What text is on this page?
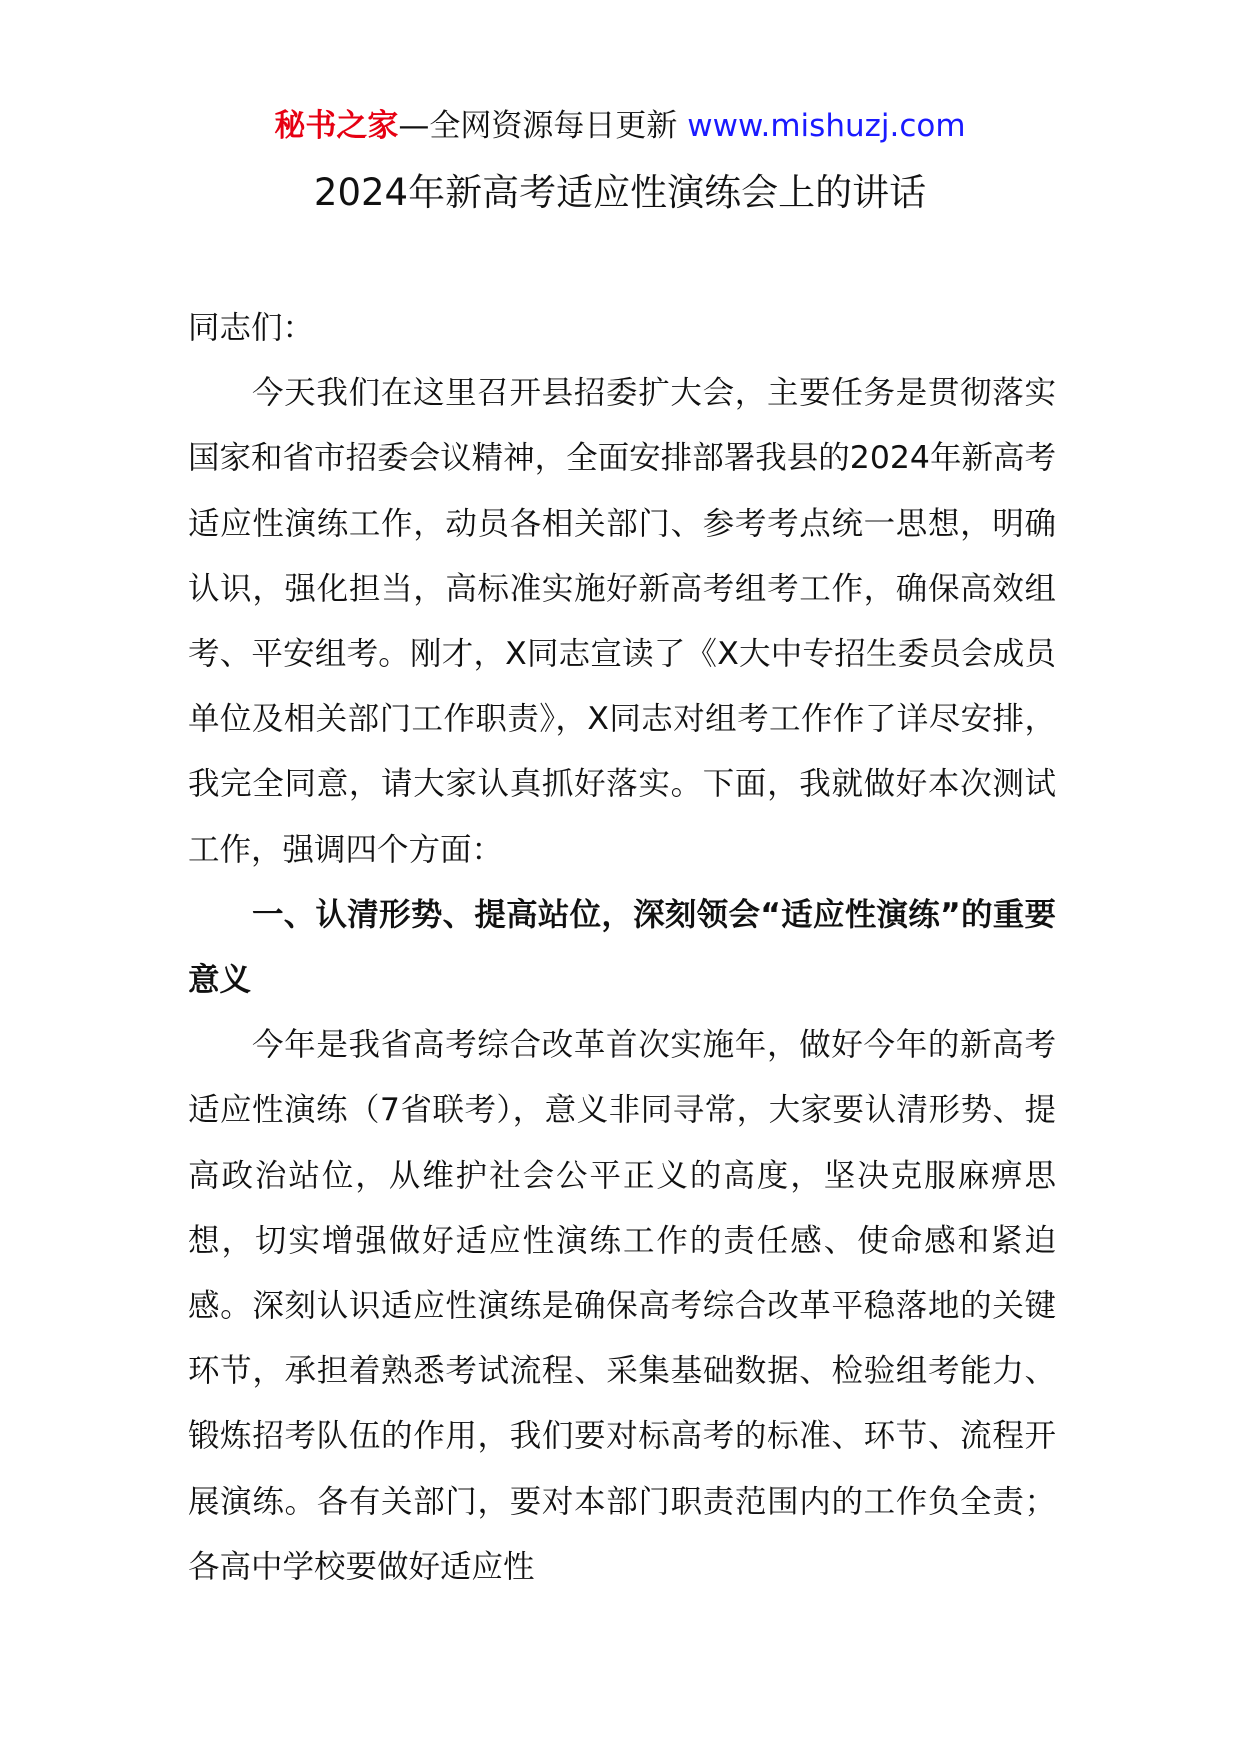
秘书之家—全网资源每日更新 www.mishuzj.com
2024年新高考适应性演练会上的讲话

同志们：

今天我们在这里召开县招委扩大会，主要任务是贯彻落实国家和省市招委会议精神，全面安排部署我县的2024年新高考适应性演练工作，动员各相关部门、参考考点统一思想，明确认识，强化担当，高标准实施好新高考组考工作，确保高效组考、平安组考。刚才，X同志宣读了《X大中专招生委员会成员单位及相关部门工作职责》，X同志对组考工作作了详尽安排，我完全同意，请大家认真抓好落实。下面，我就做好本次测试工作，强调四个方面：

一、认清形势、提高站位，深刻领会“适应性演练”的重要意义

今年是我省高考综合改革首次实施年，做好今年的新高考适应性演练（7省联考），意义非同寻常，大家要认清形势、提高政治站位，从维护社会公平正义的高度，坚决克服麻痹思想，切实增强做好适应性演练工作的责任感、使命感和紧迫感。深刻认识适应性演练是确保高考综合改革平稳落地的关键环节，承担着熟悉考试流程、采集基础数据、检验组考能力、锻炼招考队伍的作用，我们要对标高考的标准、环节、流程开展演练。各有关部门，要对本部门职责范围内的工作负全责；各高中学校要做好适应性
